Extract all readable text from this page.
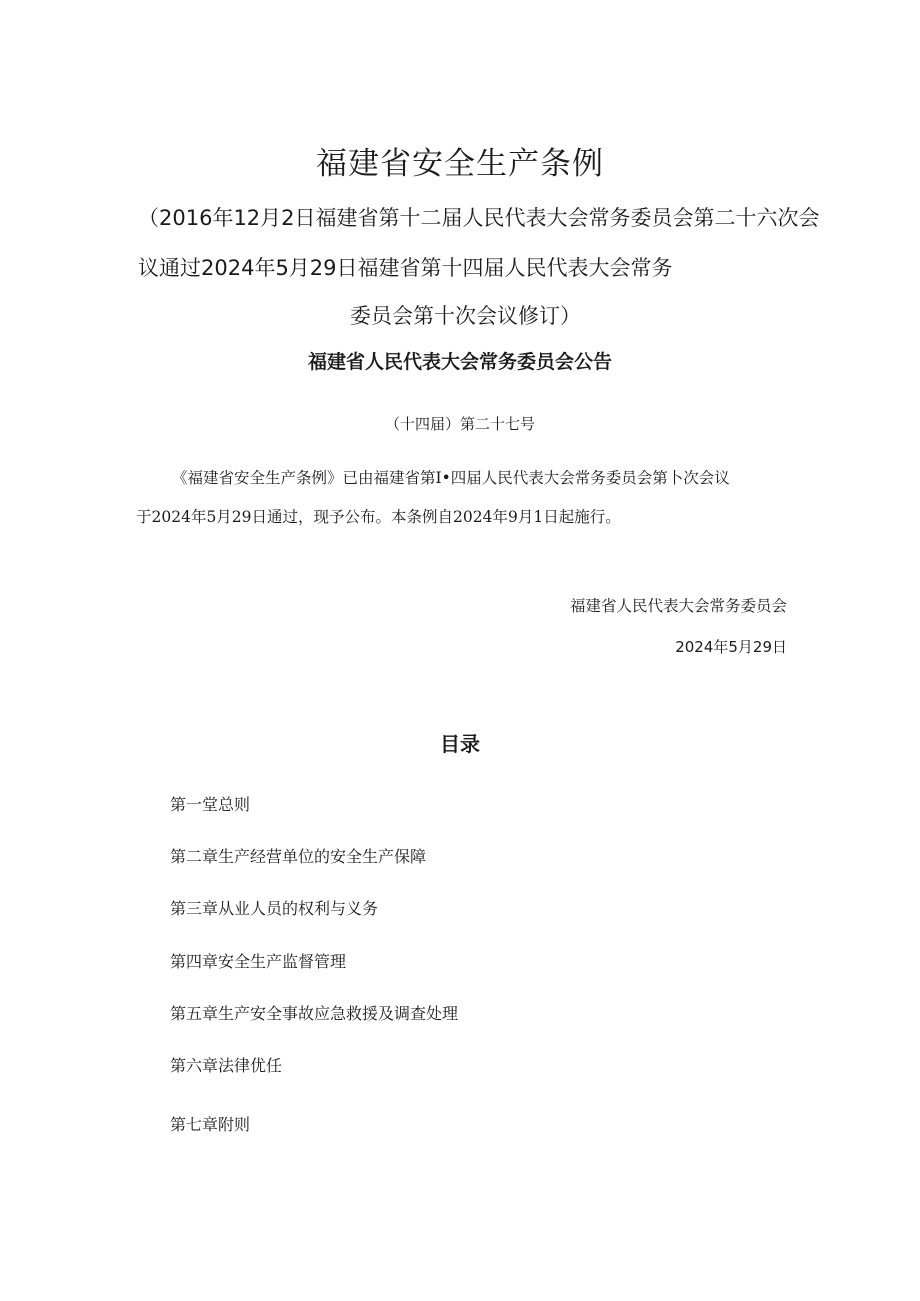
福建省安全生产条例
（2016年12月2日福建省第十二届人民代表大会常务委员会第二十六次会
议通过2024年5月29日福建省第十四届人民代表大会常务
委员会第十次会议修订）
福建省人民代表大会常务委员会公告
（十四届）第二十七号
《福建省安全生产条例》已由福建省第I•四届人民代表大会常务委员会第卜次会议
于2024年5月29日通过，现予公布。本条例自2024年9月1日起施行。
福建省人民代表大会常务委员会
2024年5月29日
目录
第一堂总则
第二章生产经营单位的安全生产保障
第三章从业人员的权利与义务
第四章安全生产监督管理
第五章生产安全事故应急救援及调查处理
第六章法律优任
第七章附则
